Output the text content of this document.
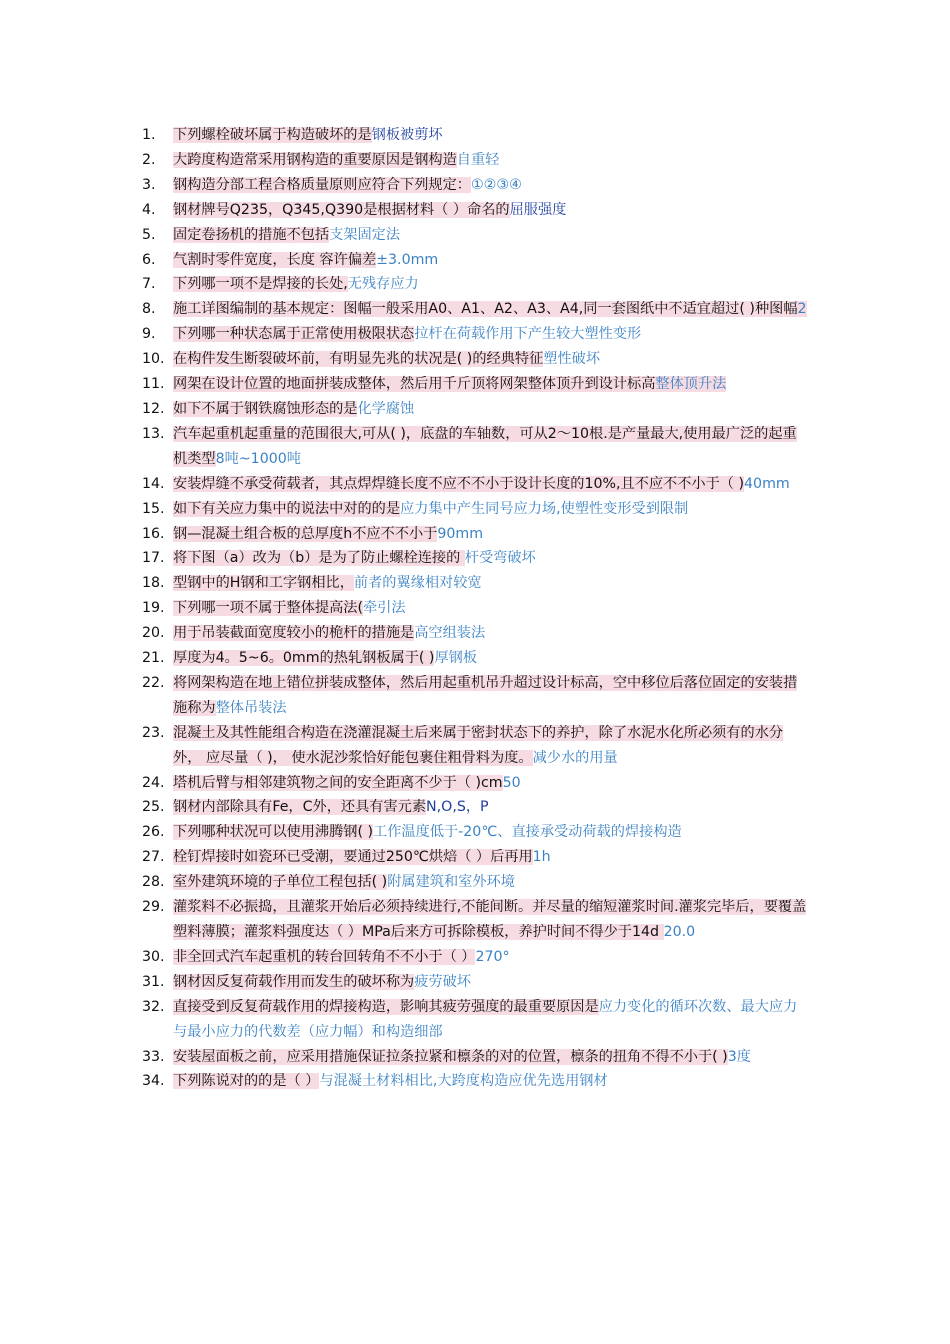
1.	下列螺栓破坏属于构造破坏的是钢板被剪坏
2.	大跨度构造常采用钢构造的重要原因是钢构造自重轻
3.	钢构造分部工程合格质量原则应符合下列规定：①②③④
4.	钢材牌号Q235，Q345,Q390是根据材料（ ）命名的屈服强度
5.	固定卷扬机的措施不包括支架固定法
6.	气割时零件宽度，长度 容许偏差±3.0mm
7.	下列哪一项不是焊接的长处,无残存应力
8.	施工详图编制的基本规定：图幅一般采用A0、A1、A2、A3、A4,同一套图纸中不适宜超过( )种图幅2
9.	下列哪一种状态属于正常使用极限状态拉杆在荷载作用下产生较大塑性变形
10. 在构件发生断裂破坏前，有明显先兆的状况是( )的经典特征塑性破坏
11. 网架在设计位置的地面拼装成整体，然后用千斤顶将网架整体顶升到设计标高整体顶升法
12. 如下不属于钢铁腐蚀形态的是化学腐蚀
13. 汽车起重机起重量的范围很大,可从( )，底盘的车轴数，可从2～10根.是产量最大,使用最广泛的起重机类型8吨~1000吨
14. 安装焊缝不承受荷载者，其点焊焊缝长度不应不不小于设计长度的10%,且不应不不小于（ )40mm
15. 如下有关应力集中的说法中对的的是应力集中产生同号应力场,使塑性变形受到限制
16. 钢—混凝土组合板的总厚度h不应不不小于90mm
17. 将下图（a）改为（b）是为了防止螺栓连接的 杆受弯破坏
18. 型钢中的H钢和工字钢相比，前者的翼缘相对较宽
19. 下列哪一项不属于整体提高法(牵引法
20. 用于吊装截面宽度较小的桅杆的措施是高空组装法
21. 厚度为4。5~6。0mm的热轧钢板属于( )厚钢板
22. 将网架构造在地上错位拼装成整体，然后用起重机吊升超过设计标高，空中移位后落位固定的安装措施称为整体吊装法
23. 混凝土及其性能组合构造在浇灌混凝土后来属于密封状态下的养护，除了水泥水化所必须有的水分外， 应尽量（ )， 使水泥沙浆恰好能包裹住粗骨料为度。减少水的用量
24. 塔机后臂与相邻建筑物之间的安全距离不少于（ )cm50
25. 钢材内部除具有Fe，C外，还具有害元素N,O,S，P
26. 下列哪种状况可以使用沸腾钢( )工作温度低于-20℃、直接承受动荷载的焊接构造
27. 栓钉焊接时如瓷环已受潮，要通过250℃烘焙（ ）后再用1h
28. 室外建筑环境的子单位工程包括( )附属建筑和室外环境
29. 灌浆料不必振捣，且灌浆开始后必须持续进行,不能间断。并尽量的缩短灌浆时间.灌浆完毕后，要覆盖塑料薄膜；灌浆料强度达（ ）MPa后来方可拆除模板，养护时间不得少于14d 20.0
30. 非全回式汽车起重机的转台回转角不不小于（ ）270°
31. 钢材因反复荷载作用而发生的破坏称为疲劳破坏
32. 直接受到反复荷载作用的焊接构造，影响其疲劳强度的最重要原因是应力变化的循环次数、最大应力与最小应力的代数差（应力幅）和构造细部
33. 安装屋面板之前，应采用措施保证拉条拉紧和檩条的对的位置，檩条的扭角不得不小于( )3度
34. 下列陈说对的的是（ ）与混凝土材料相比,大跨度构造应优先选用钢材
